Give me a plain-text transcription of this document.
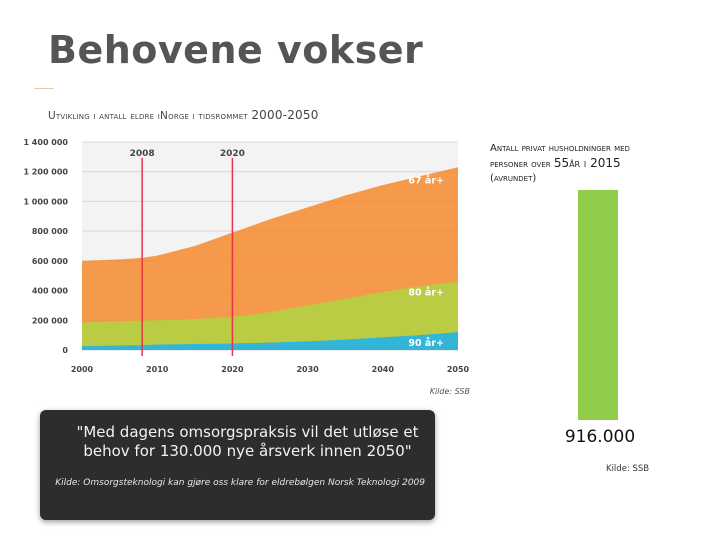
Behovene vokser
Utvikling i antall eldre iNorge i tidsrommet 2000-2050
67 år+
80 år+
90 år+
2008	2020
1 400 000
1 200 000
1 000 000
800 000
600 000
400 000
200 000
0
2000	2010	2020	2030	2040	2050
Kilde: SSB
Antall privat husholdninger med
personer over 55år i 2015
(avrundet)
916.000
Kilde: SSB
"Med dagens omsorgspraksis vil det utløse et behov for 130.000 nye årsverk innen 2050"
Kilde: Omsorgsteknologi kan gjøre oss klare for eldrebølgen Norsk Teknologi 2009
